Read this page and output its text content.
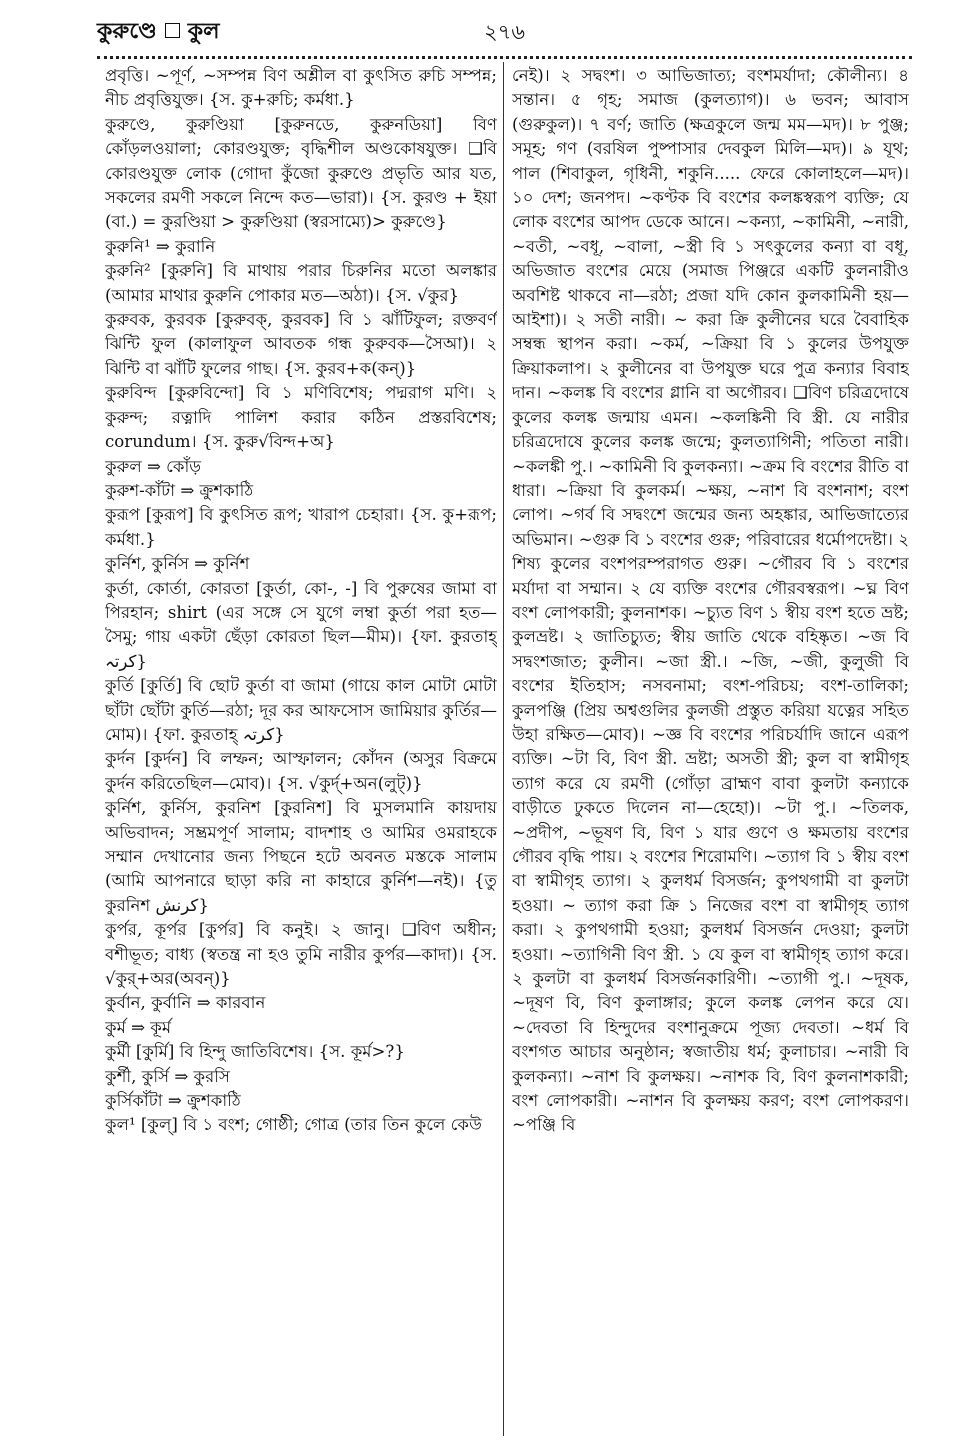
কুরুণ্ডে কুল	২৭৬

প্রবৃত্তি। ~পূর্ণ, ~সম্পন্ন বিণ অশ্লীল বা কুৎসিত রুচি সম্পন্ন; নীচ প্রবৃত্তিযুক্ত। {স. কু+রুচি; কর্মধা.}

কুরুণ্ডে, কুরুণ্ডিয়া [কুরুনডে, কুরুনডিয়া] বিণ কোঁড়লওয়ালা; কোরণ্ডযুক্ত; বৃদ্ধিশীল অণ্ডকোষযুক্ত। ❑বি কোরণ্ডযুক্ত লোক (গোদা কুঁজো কুরুণ্ডে প্রভৃতি আর যত, সকলের রমণী সকলে নিন্দে কত—ভারা)। {স. কুরণ্ড + ইয়া (বা.) = কুরণ্ডিয়া > কুরুণ্ডিয়া (স্বরসাম্যে)> কুরুণ্ডে}

কুরুনি¹ ⇒ কুরানি

কুরুনি² [কুরুনি] বি মাথায় পরার চিরুনির মতো অলঙ্কার (আমার মাথার কুরুনি পোকার মত—অঠা)। {স. √কুর}

কুরুবক, কুরবক [কুরুবক্, কুরবক] বি ১ ঝাঁটিফুল; রক্তবর্ণ ঝিন্টি ফুল (কালাফুল আবতক গন্ধ কুরুবক—সৈআ)। ২ ঝিন্টি বা ঝাঁটি ফুলের গাছ। {স. কুরব+ক(কন্)}

কুরুবিন্দ [কুরুবিন্দো] বি ১ মণিবিশেষ; পদ্মরাগ মণি। ২ কুরুন্দ; রত্নাদি পালিশ করার কঠিন প্রস্তরবিশেষ; corundum। {স. কুরু√বিন্দ+অ}

কুরুল ⇒ কোঁড়

কুরুশ-কাঁটা ⇒ ক্রুশকাঠি

কুরূপ [কুরূপ] বি কুৎসিত রূপ; খারাপ চেহারা। {স. কু+রূপ; কর্মধা.}

কুর্নিশ, কুর্নিস ⇒ কুর্নিশ

কুর্তা, কোর্তা, কোরতা [কুর্তা, কো-, -] বি পুরুষের জামা বা পিরহান; shirt (এর সঙ্গে সে যুগে লম্বা কুর্তা পরা হত—সৈমু; গায় একটা ছেঁড়া কোরতা ছিল—মীম)। {ফা. কুরতাহ্ کرتہ}

কুর্তি [কুর্তি] বি ছোট কুর্তা বা জামা (গায়ে কাল মোটা মোটা ছাঁটা ছোঁটা কুর্তি—রঠা; দূর কর আফসোস জামিয়ার কুর্তির—মোম)। {ফা. কুরতাহ্ کرتہ}

কুর্দন [কুর্দন] বি লম্ফন; আস্ফালন; কোঁদন (অসুর বিক্রমে কুর্দন করিতেছিল—মোব)। {স. √কুর্দ্+অন(লুট্)}

কুর্নিশ, কুর্নিস, কুরনিশ [কুরনিশ] বি মুসলমানি কায়দায় অভিবাদন; সম্ভ্রমপূর্ণ সালাম; বাদশাহ ও আমির ওমরাহকে সম্মান দেখানোর জন্য পিছনে হটে অবনত মস্তকে সালাম (আমি আপনারে ছাড়া করি না কাহারে কুর্নিশ—নই)। {তু কুরনিশ کرنش}

কুর্পর, কূর্পর [কুর্পর] বি কনুই। ২ জানু। ❑বিণ অধীন; বশীভূত; বাধ্য (স্বতন্ত্র না হও তুমি নারীর কুর্পর—কাদা)। {স. √কুর্+অর(অবন্)}

কুর্বান, কুর্বানি ⇒ কারবান

কুর্ম ⇒ কূর্ম

কুর্মী [কুর্মি] বি হিন্দু জাতিবিশেষ। {স. কূর্ম>?}

কুর্শী, কুর্সি ⇒ কুরসি

কুর্সিকাঁটা ⇒ ক্রুশকাঠি

কুল¹ [কুল্] বি ১ বংশ; গোষ্ঠী; গোত্র (তার তিন কুলে কেউ

নেই)। ২ সদ্বংশ। ৩ আভিজাত্য; বংশমর্যাদা; কৌলীন্য। ৪ সন্তান। ৫ গৃহ; সমাজ (কুলত্যাগ)। ৬ ভবন; আবাস (গুরুকুল)। ৭ বর্ণ; জাতি (ক্ষত্রকুলে জন্ম মম—মদ)। ৮ পুঞ্জ; সমূহ; গণ (বরষিল পুষ্পাসার দেবকুল মিলি—মদ)। ৯ যূথ; পাল (শিবাকুল, গৃধিনী, শকুনি..... ফেরে কোলাহলে—মদ)। ১০ দেশ; জনপদ। ~কণ্টক বি বংশের কলঙ্কস্বরূপ ব্যক্তি; যে লোক বংশের আপদ ডেকে আনে। ~কন্যা, ~কামিনী, ~নারী, ~বতী, ~বধূ, ~বালা, ~স্ত্রী বি ১ সৎকুলের কন্যা বা বধূ, অভিজাত বংশের মেয়ে (সমাজ পিঞ্জরে একটি কুলনারীও অবশিষ্ট থাকবে না—রঠা; প্রজা যদি কোন কুলকামিনী হয়—আইশা)। ২ সতী নারী। ~ করা ক্রি কুলীনের ঘরে বৈবাহিক সম্বন্ধ স্থাপন করা। ~কর্ম, ~ক্রিয়া বি ১ কুলের উপযুক্ত ক্রিয়াকলাপ। ২ কুলীনের বা উপযুক্ত ঘরে পুত্র কন্যার বিবাহ দান। ~কলঙ্ক বি বংশের গ্লানি বা অগৌরব। ❑বিণ চরিত্রদোষে কুলের কলঙ্ক জন্মায় এমন। ~কলঙ্কিনী বি স্ত্রী. যে নারীর চরিত্রদোষে কুলের কলঙ্ক জন্মে; কুলত্যাগিনী; পতিতা নারী। ~কলঙ্কী পু.। ~কামিনী বি কুলকন্যা। ~ক্রম বি বংশের রীতি বা ধারা। ~ক্রিয়া বি কুলকর্ম। ~ক্ষয়, ~নাশ বি বংশনাশ; বংশ লোপ। ~গর্ব বি সদ্বংশে জন্মের জন্য অহঙ্কার, আভিজাত্যের অভিমান। ~গুরু বি ১ বংশের গুরু; পরিবারের ধর্মোপদেষ্টা। ২ শিষ্য কুলের বংশপরম্পরাগত গুরু। ~গৌরব বি ১ বংশের মর্যাদা বা সম্মান। ২ যে ব্যক্তি বংশের গৌরবস্বরূপ। ~ঘ্ন বিণ বংশ লোপকারী; কুলনাশক। ~চ্যুত বিণ ১ স্বীয় বংশ হতে ভ্রষ্ট; কুলভ্রষ্ট। ২ জাতিচ্যুত; স্বীয় জাতি থেকে বহিষ্কৃত। ~জ বি সদ্বংশজাত; কুলীন। ~জা স্ত্রী.। ~জি, ~জী, কুলুজী বি বংশের ইতিহাস; নসবনামা; বংশ-পরিচয়; বংশ-তালিকা; কুলপঞ্জি (প্রিয় অশ্বগুলির কুলজী প্রস্তুত করিয়া যত্নের সহিত উহা রক্ষিত—মোব)। ~জ্ঞ বি বংশের পরিচর্যাদি জানে এরূপ ব্যক্তি। ~টা বি, বিণ স্ত্রী. ভ্রষ্টা; অসতী স্ত্রী; কুল বা স্বামীগৃহ ত্যাগ করে যে রমণী (গোঁড়া ব্রাহ্মণ বাবা কুলটা কন্যাকে বাড়ীতে ঢুকতে দিলেন না—হেহো)। ~টা পু.। ~তিলক, ~প্রদীপ, ~ভূষণ বি, বিণ ১ যার গুণে ও ক্ষমতায় বংশের গৌরব বৃদ্ধি পায়। ২ বংশের শিরোমণি। ~ত্যাগ বি ১ স্বীয় বংশ বা স্বামীগৃহ ত্যাগ। ২ কুলধর্ম বিসর্জন; কুপথগামী বা কুলটা হওয়া। ~ ত্যাগ করা ক্রি ১ নিজের বংশ বা স্বামীগৃহ ত্যাগ করা। ২ কুপথগামী হওয়া; কুলধর্ম বিসর্জন দেওয়া; কুলটা হওয়া। ~ত্যাগিনী বিণ স্ত্রী. ১ যে কুল বা স্বামীগৃহ ত্যাগ করে। ২ কুলটা বা কুলধর্ম বিসর্জনকারিণী। ~ত্যাগী পু.। ~দূষক, ~দূষণ বি, বিণ কুলাঙ্গার; কুলে কলঙ্ক লেপন করে যে। ~দেবতা বি হিন্দুদের বংশানুক্রমে পূজ্য দেবতা। ~ধর্ম বি বংশগত আচার অনুষ্ঠান; স্বজাতীয় ধর্ম; কুলাচার। ~নারী বি কুলকন্যা। ~নাশ বি কুলক্ষয়। ~নাশক বি, বিণ কুলনাশকারী; বংশ লোপকারী। ~নাশন বি কুলক্ষয় করণ; বংশ লোপকরণ। ~পঞ্জি বি
